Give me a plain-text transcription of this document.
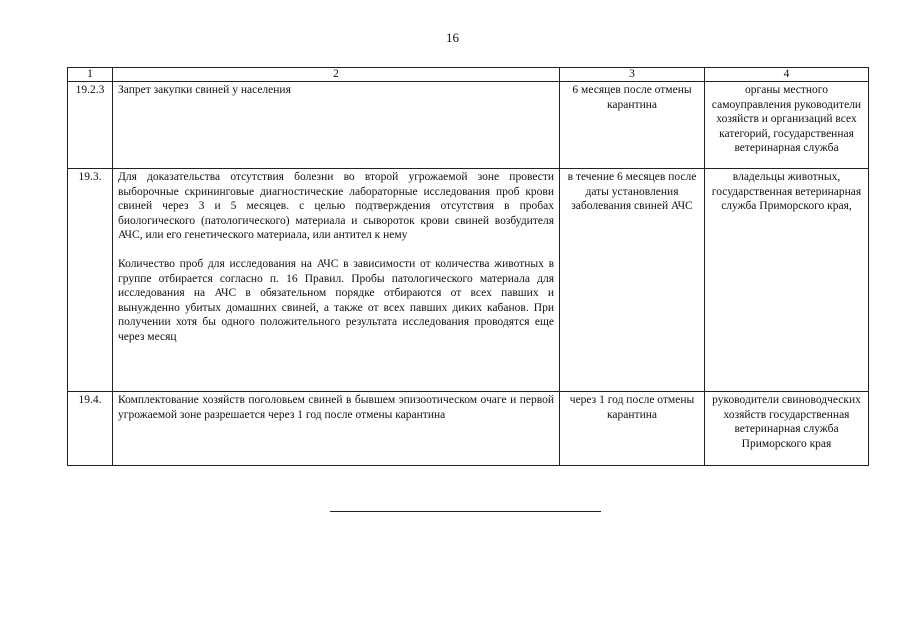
16
1	2	3	4
19.2.3	Запрет закупки свиней у населения	6 месяцев после отмены карантина	органы местного самоуправления руководители хозяйств и организаций всех категорий, государственная ветеринарная служба
19.3.	Для доказательства отсутствия болезни во второй угрожаемой зоне провести выборочные скрининговые диагностические лабораторные исследования проб крови свиней через 3 и 5 месяцев. с целью подтверждения отсутствия в пробах биологического (патологического) материала и сывороток крови свиней возбудителя АЧС, или его генетического материала, или антител к нему

Количество проб для исследования на АЧС в зависимости от количества животных в группе отбирается согласно п. 16 Правил. Пробы патологического материала для исследования на АЧС в обязательном порядке отбираются от всех павших и вынужденно убитых домашних свиней, а также от всех павших диких кабанов. При получении хотя бы одного положительного результата исследования проводятся еще через месяц	в течение 6 месяцев после даты установления заболевания свиней АЧС	владельцы животных, государственная ветеринарная служба Приморского края,
19.4.	Комплектование хозяйств поголовьем свиней в бывшем эпизоотическом очаге и первой угрожаемой зоне разрешается через 1 год после отмены карантина	через 1 год после отмены карантина	руководители свиноводческих хозяйств государственная ветеринарная служба Приморского края
